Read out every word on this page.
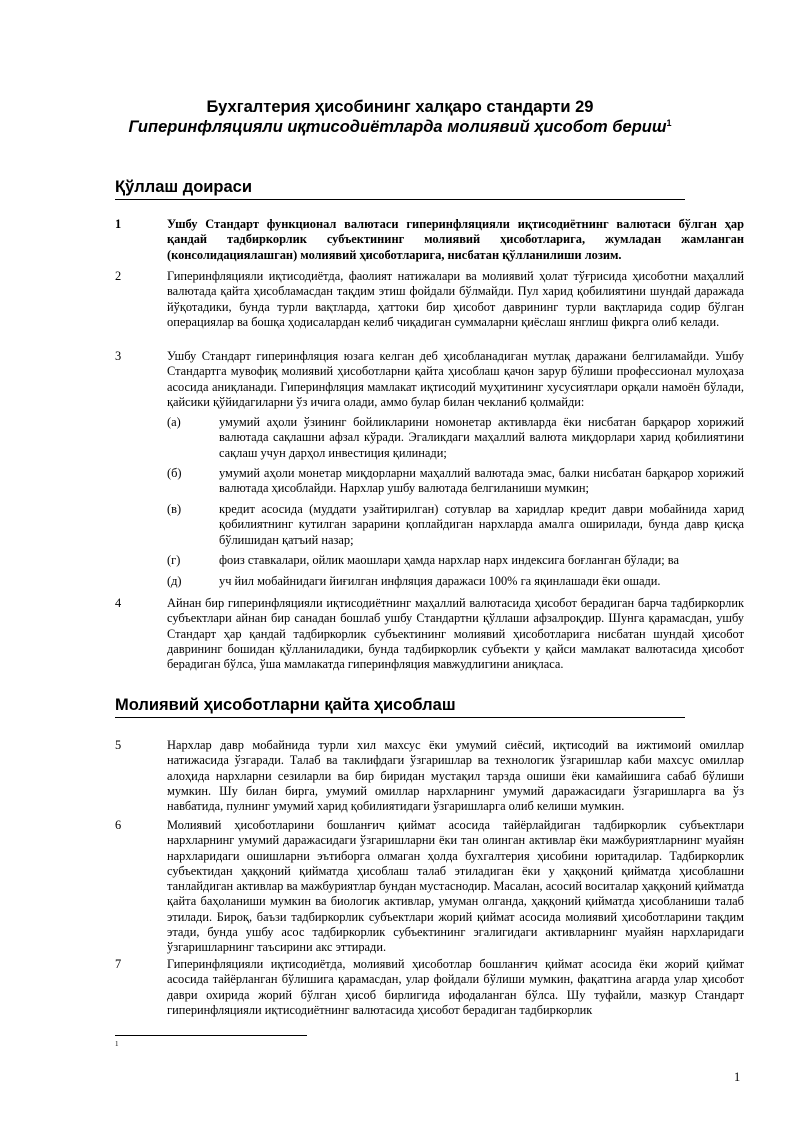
Бухгалтерия ҳисобининг халқаро стандарти 29
Гиперинфляцияли иқтисодиётларда молиявий ҳисобот бериш$^1$
Қўллаш доираси
1	Ушбу Стандарт функционал валютаси гиперинфляцияли иқтисодиётнинг валютаси бўлган ҳар қандай тадбиркорлик субъектининг молиявий ҳисоботларига, жумладан жамланган (консолидациялашган) молиявий ҳисоботларига, нисбатан қўлланилиши лозим.
2	Гиперинфляцияли иқтисодиётда, фаолият натижалари ва молиявий ҳолат тўғрисида ҳисоботни маҳаллий валютада қайта ҳисобламасдан тақдим этиш фойдали бўлмайди. Пул харид қобилиятини шундай даражада йўқотадики, бунда турли вақтларда, ҳаттоки бир ҳисобот даврининг турли вақтларида содир бўлган операциялар ва бошқа ҳодисалардан келиб чиқадиган суммаларни қиёслаш янглиш фикрга олиб келади.
3	Ушбу Стандарт гиперинфляция юзага келган деб ҳисобланадиган мутлақ даражани белгиламайди. Ушбу Стандартга мувофиқ молиявий ҳисоботларни қайта ҳисоблаш қачон зарур бўлиши профессионал мулоҳаза асосида аниқланади. Гиперинфляция мамлакат иқтисодий муҳитининг хусусиятлари орқали намоён бўлади, қайсики қўйидагиларни ўз ичига олади, аммо булар билан чекланиб қолмайди:
(а)	умумий аҳоли ўзининг бойликларини номонетар активларда ёки нисбатан барқарор хорижий валютада сақлашни афзал кўради. Эгаликдаги маҳаллий валюта миқдорлари харид қобилиятини сақлаш учун дарҳол инвестиция қилинади;
(б)	умумий аҳоли монетар миқдорларни маҳаллий валютада эмас, балки нисбатан барқарор хорижий валютада ҳисоблайди. Нархлар ушбу валютада белгиланиши мумкин;
(в)	кредит асосида (муддати узайтирилган) сотувлар ва харидлар кредит даври мобайнида харид қобилиятнинг кутилган зарарини қоплайдиган нархларда амалга оширилади, бунда давр қисқа бўлишидан қатъий назар;
(г)	фоиз ставкалари, ойлик маошлари ҳамда нархлар нарх индексига боғланган бўлади; ва
(д)	уч йил мобайнидаги йиғилган инфляция даражаси 100% га яқинлашади ёки ошади.
4	Айнан бир гиперинфляцияли иқтисодиётнинг маҳаллий валютасида ҳисобот берадиган барча тадбиркорлик субъектлари айнан бир санадан бошлаб ушбу Стандартни қўллаши афзалроқдир. Шунга қарамасдан, ушбу Стандарт ҳар қандай тадбиркорлик субъектининг молиявий ҳисоботларига нисбатан шундай ҳисобот даврининг бошидан қўлланиладики, бунда тадбиркорлик субъекти у қайси мамлакат валютасида ҳисобот берадиган бўлса, ўша мамлакатда гиперинфляция мавжудлигини аниқласа.
Молиявий ҳисоботларни қайта ҳисоблаш
5	Нархлар давр мобайнида турли хил махсус ёки умумий сиёсий, иқтисодий ва ижтимоий омиллар натижасида ўзгаради. Талаб ва таклифдаги ўзгаришлар ва технологик ўзгаришлар каби махсус омиллар алоҳида нархларни сезиларли ва бир биридан мустақил тарзда ошиши ёки камайишига сабаб бўлиши мумкин. Шу билан бирга, умумий омиллар нархларнинг умумий даражасидаги ўзгаришларга ва ўз навбатида, пулнинг умумий харид қобилиятидаги ўзгаришларга олиб келиши мумкин.
6	Молиявий ҳисоботларини бошланғич қиймат асосида тайёрлайдиган тадбиркорлик субъектлари нархларнинг умумий даражасидаги ўзгаришларни ёки тан олинган активлар ёки мажбуриятларнинг муайян нархларидаги ошишларни эътиборга олмаган ҳолда бухгалтерия ҳисобини юритадилар. Тадбиркорлик субъектидан ҳаққоний қийматда ҳисоблаш талаб этиладиган ёки у ҳаққоний қийматда ҳисоблашни танлайдиган активлар ва мажбуриятлар бундан мустаснодир. Масалан, асосий воситалар ҳаққоний қийматда қайта баҳоланиши мумкин ва биологик активлар, умуман олганда, ҳаққоний қийматда ҳисобланиши талаб этилади. Бироқ, баъзи тадбиркорлик субъектлари жорий қиймат асосида молиявий ҳисоботларини тақдим этади, бунда ушбу асос тадбиркорлик субъектининг эгалигидаги активларнинг муайян нархларидаги ўзгаришларнинг таъсирини акс эттиради.
7	Гиперинфляцияли иқтисодиётда, молиявий ҳисоботлар бошланғич қиймат асосида ёки жорий қиймат асосида тайёрланган бўлишига қарамасдан, улар фойдали бўлиши мумкин, фақатгина агарда улар ҳисобот даври охирида жорий бўлган ҳисоб бирлигида ифодаланган бўлса. Шу туфайли, мазкур Стандарт гиперинфляцияли иқтисодиётнинг валютасида ҳисобот берадиган тадбиркорлик
1
1
